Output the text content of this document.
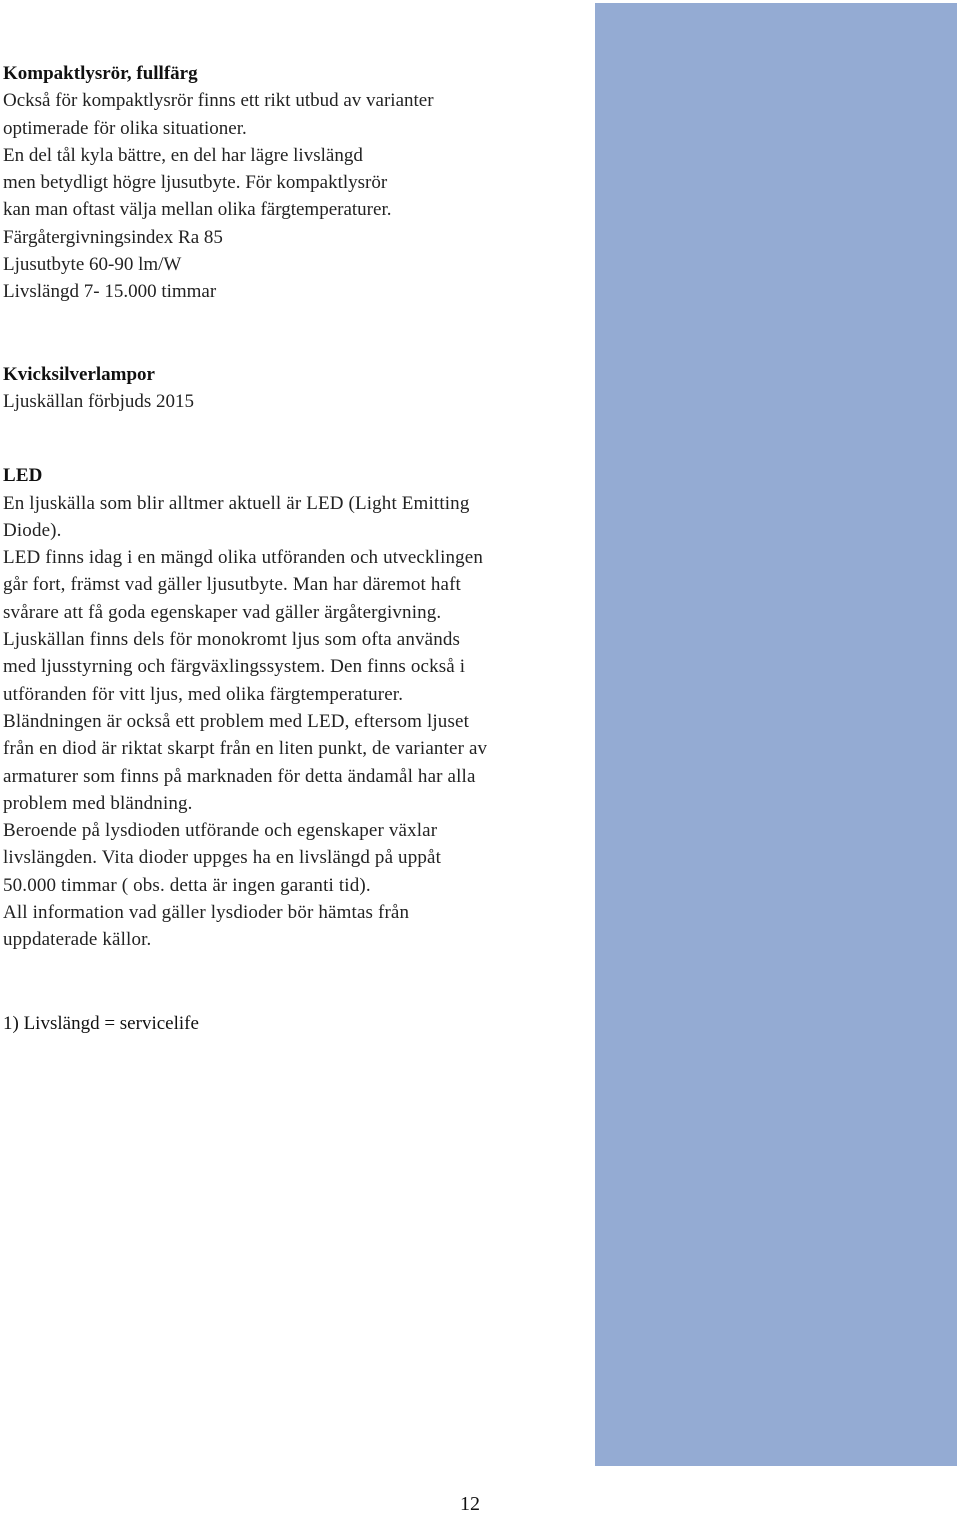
Kompaktlysrör, fullfärg
Också för kompaktlysrör finns ett rikt utbud av varianter
optimerade för olika situationer.
En del tål kyla bättre, en del har lägre livslängd
men betydligt högre ljusutbyte. För kompaktlysrör
kan man oftast välja mellan olika färgtemperaturer.
Färgåtergivningsindex Ra 85
Ljusutbyte 60-90 lm/W
Livslängd 7- 15.000 timmar
Kvicksilverlampor
Ljuskällan förbjuds 2015
LED
En ljuskälla som blir alltmer aktuell är LED (Light Emitting
Diode).
LED finns idag i en mängd olika utföranden och utvecklingen
går fort, främst vad gäller ljusutbyte. Man har däremot haft
svårare att få goda egenskaper vad gäller ärgåtergivning.
Ljuskällan finns dels för monokromt ljus som ofta används
med ljusstyrning och färgväxlingssystem. Den finns också i
utföranden för vitt ljus, med olika färgtemperaturer.
Bländningen är också ett problem med LED, eftersom ljuset
från en diod är riktat skarpt från en liten punkt, de varianter av
armaturer som finns på marknaden för detta ändamål har alla
problem med bländning.
Beroende på lysdioden utförande och egenskaper växlar
livslängden. Vita dioder uppges ha en livslängd på uppåt
50.000 timmar ( obs. detta är ingen garanti tid).
All information vad gäller lysdioder bör hämtas från
uppdaterade källor.
1) Livslängd = servicelife
12
